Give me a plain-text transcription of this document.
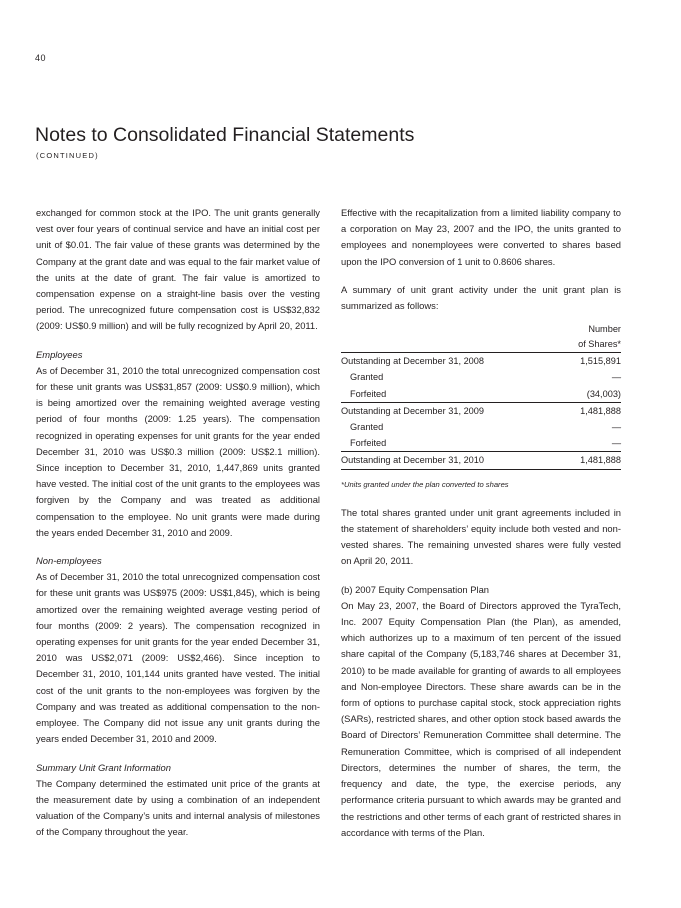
40
Notes to Consolidated Financial Statements
(CONTINUED)

exchanged for common stock at the IPO. The unit grants generally vest over four years of continual service and have an initial cost per unit of $0.01. The fair value of these grants was determined by the Company at the grant date and was equal to the fair market value of the units at the date of grant. The fair value is amortized to compensation expense on a straight-line basis over the vesting period. The unrecognized future compensation cost is US$32,832 (2009: US$0.9 million) and will be fully recognized by April 20, 2011.

Employees

As of December 31, 2010 the total unrecognized compensation cost for these unit grants was US$31,857 (2009: US$0.9 million), which is being amortized over the remaining weighted average vesting period of four months (2009: 1.25 years). The compensation recognized in operating expenses for unit grants for the year ended December 31, 2010 was US$0.3 million (2009: US$2.1 million). Since inception to December 31, 2010, 1,447,869 units granted have vested. The initial cost of the unit grants to the employees was forgiven by the Company and was treated as additional compensation to the employee. No unit grants were made during the years ended December 31, 2010 and 2009.

Non-employees

As of December 31, 2010 the total unrecognized compensation cost for these unit grants was US$975 (2009: US$1,845), which is being amortized over the remaining weighted average vesting period of four months (2009: 2 years). The compensation recognized in operating expenses for unit grants for the year ended December 31, 2010 was US$2,071 (2009: US$2,466). Since inception to December 31, 2010, 101,144 units granted have vested. The initial cost of the unit grants to the non-employees was forgiven by the Company and was treated as additional compensation to the non-employee. The Company did not issue any unit grants during the years ended December 31, 2010 and 2009.

Summary Unit Grant Information

The Company determined the estimated unit price of the grants at the measurement date by using a combination of an independent valuation of the Company’s units and internal analysis of milestones of the Company throughout the year.

Effective with the recapitalization from a limited liability company to a corporation on May 23, 2007 and the IPO, the units granted to employees and nonemployees were converted to shares based upon the IPO conversion of 1 unit to 0.8606 shares.

A summary of unit grant activity under the unit grant plan is summarized as follows:

	Number
	of Shares*
Outstanding at December 31, 2008	1,515,891
Granted	—
Forfeited	(34,003)
Outstanding at December 31, 2009	1,481,888
Granted	—
Forfeited	—
Outstanding at December 31, 2010	1,481,888

*Units granted under the plan converted to shares

The total shares granted under unit grant agreements included in the statement of shareholders’ equity include both vested and non-vested shares. The remaining unvested shares were fully vested on April 20, 2011.

(b) 2007 Equity Compensation Plan

On May 23, 2007, the Board of Directors approved the TyraTech, Inc. 2007 Equity Compensation Plan (the Plan), as amended, which authorizes up to a maximum of ten percent of the issued share capital of the Company (5,183,746 shares at December 31, 2010) to be made available for granting of awards to all employees and Non-employee Directors. These share awards can be in the form of options to purchase capital stock, stock appreciation rights (SARs), restricted shares, and other option stock based awards the Board of Directors’ Remuneration Committee shall determine. The Remuneration Committee, which is comprised of all independent Directors, determines the number of shares, the term, the frequency and date, the type, the exercise periods, any performance criteria pursuant to which awards may be granted and the restrictions and other terms of each grant of restricted shares in accordance with terms of the Plan.
